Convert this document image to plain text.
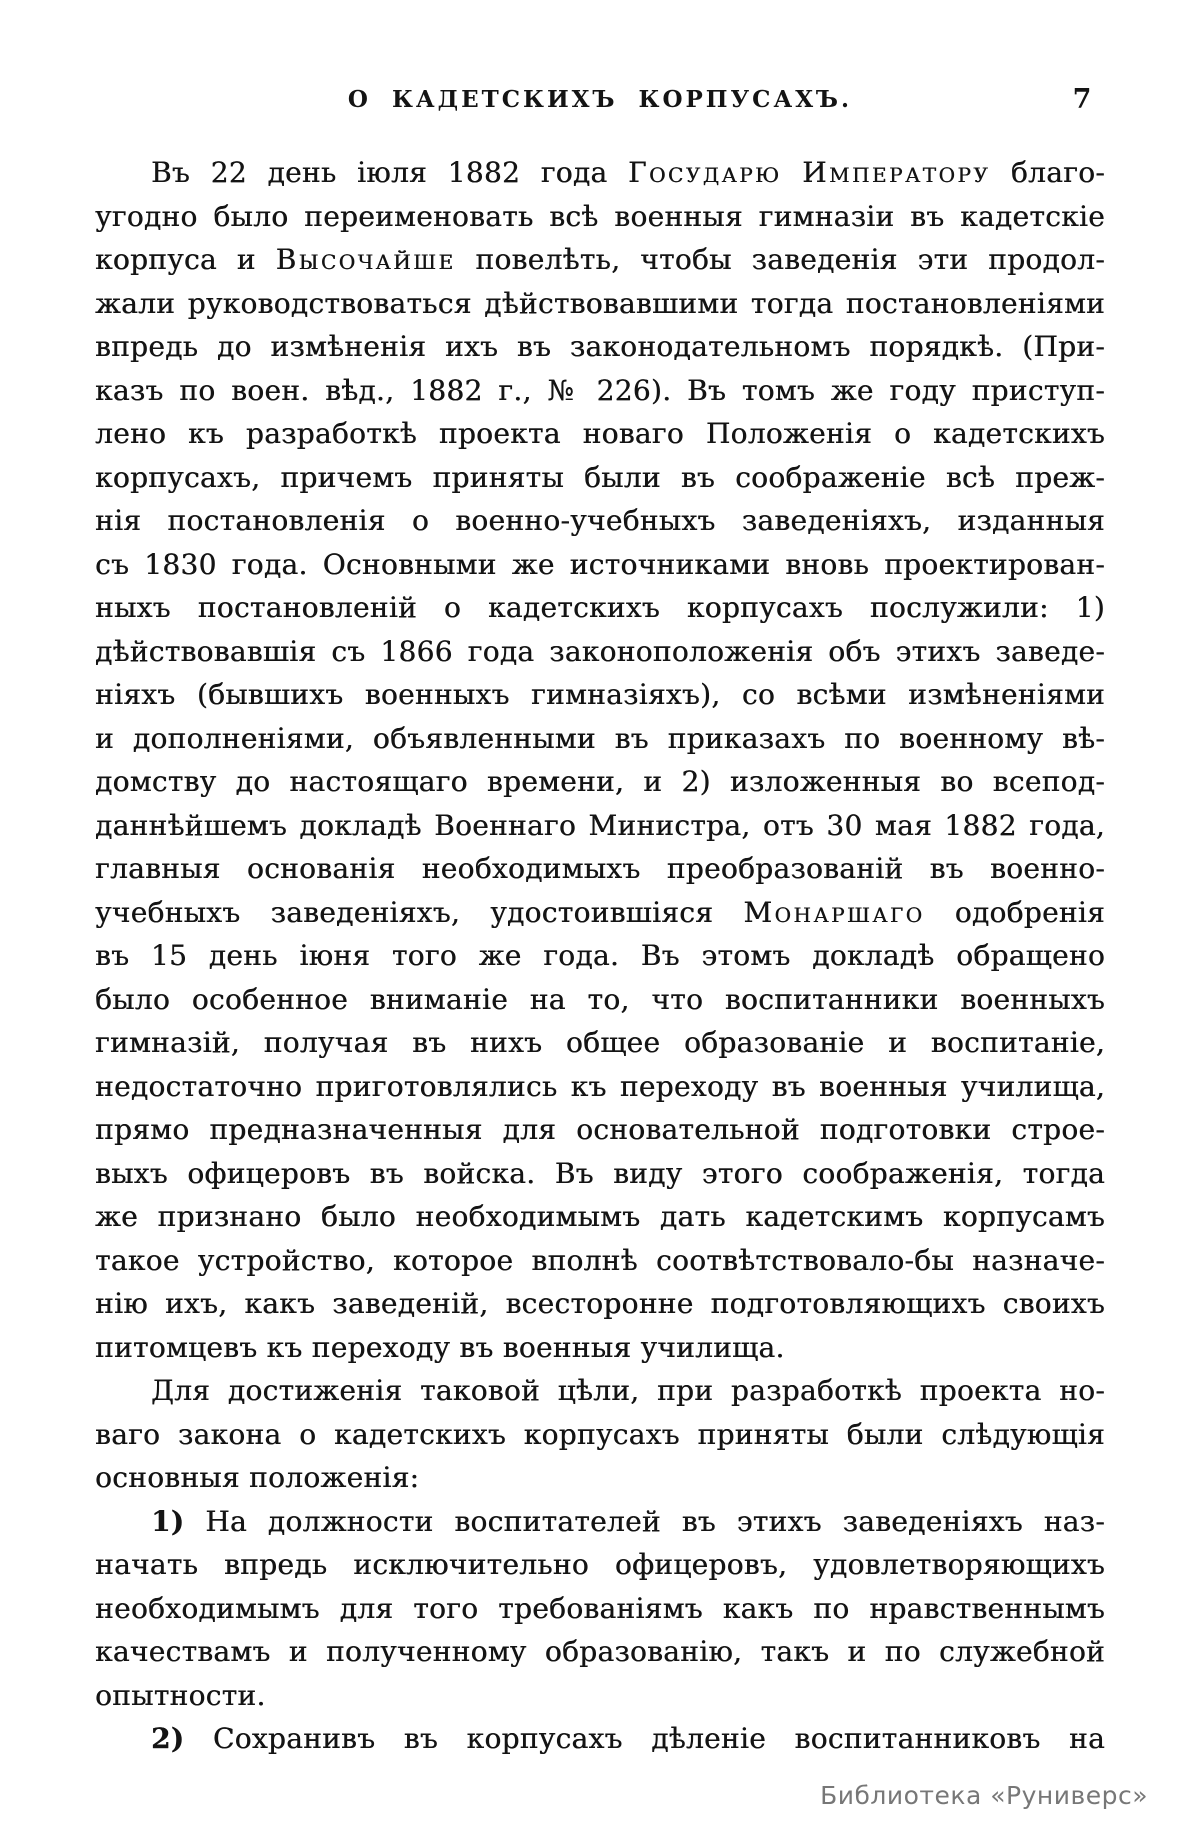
О КАДЕТСКИХЪ КОРПУСАХЪ.	7
Въ 22 день іюля 1882 года Государю Императору благо-
угодно было переименовать всѣ военныя гимназіи въ кадетскіе
корпуса и Высочайше повелѣть, чтобы заведенія эти продол-
жали руководствоваться дѣйствовавшими тогда постановленіями
впредь до измѣненія ихъ въ законодательномъ порядкѣ. (При-
казъ по воен. вѣд., 1882 г., № 226). Въ томъ же году приступ-
лено къ разработкѣ проекта новаго Положенія о кадетскихъ
корпусахъ, причемъ приняты были въ соображеніе всѣ преж-
нія постановленія о военно-учебныхъ заведеніяхъ, изданныя
съ 1830 года. Основными же источниками вновь проектирован-
ныхъ постановленій о кадетскихъ корпусахъ послужили: 1)
дѣйствовавшія съ 1866 года законоположенія объ этихъ заведе-
ніяхъ (бывшихъ военныхъ гимназіяхъ), со всѣми измѣненіями
и дополненіями, объявленными въ приказахъ по военному вѣ-
домству до настоящаго времени, и 2) изложенныя во всепод-
даннѣйшемъ докладѣ Военнаго Министра, отъ 30 мая 1882 года,
главныя основанія необходимыхъ преобразованій въ военно-
учебныхъ заведеніяхъ, удостоившіяся Монаршаго одобренія
въ 15 день іюня того же года. Въ этомъ докладѣ обращено
было особенное вниманіе на то, что воспитанники военныхъ
гимназій, получая въ нихъ общее образованіе и воспитаніе,
недостаточно приготовлялись къ переходу въ военныя училища,
прямо предназначенныя для основательной подготовки строе-
выхъ офицеровъ въ войска. Въ виду этого соображенія, тогда
же признано было необходимымъ дать кадетскимъ корпусамъ
такое устройство, которое вполнѣ соотвѣтствовало-бы назначе-
нію ихъ, какъ заведеній, всесторонне подготовляющихъ своихъ
питомцевъ къ переходу въ военныя училища.
Для достиженія таковой цѣли, при разработкѣ проекта но-
ваго закона о кадетскихъ корпусахъ приняты были слѣдующія
основныя положенія:
1) На должности воспитателей въ этихъ заведеніяхъ наз-
начать впредь исключительно офицеровъ, удовлетворяющихъ
необходимымъ для того требованіямъ какъ по нравственнымъ
качествамъ и полученному образованію, такъ и по служебной
опытности.
2) Сохранивъ въ корпусахъ дѣленіе воспитанниковъ на
Библиотека «Руниверс»
